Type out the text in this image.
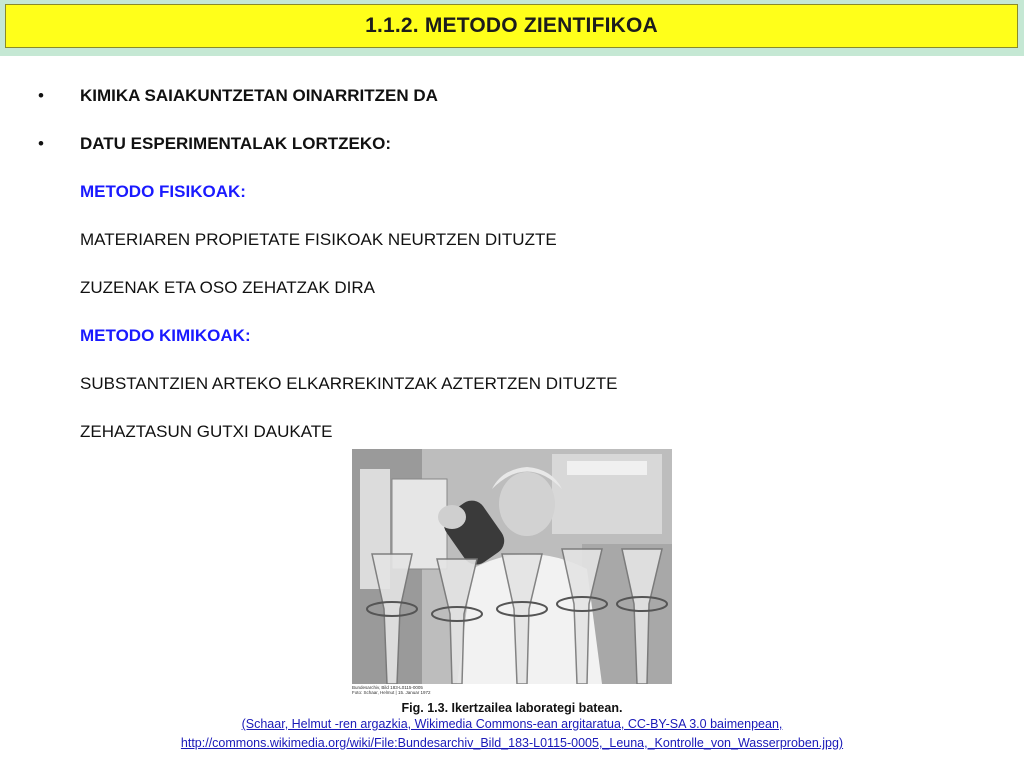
1.1.2. METODO ZIENTIFIKOA
• KIMIKA SAIAKUNTZETAN OINARRITZEN DA
• DATU ESPERIMENTALAK LORTZEKO:
METODO FISIKOAK:
MATERIAREN PROPIETATE FISIKOAK NEURTZEN DITUZTE
ZUZENAK ETA OSO ZEHATZAK DIRA
METODO KIMIKOAK:
SUBSTANTZIEN ARTEKO ELKARREKINTZAK AZTERTZEN DITUZTE
ZEHAZTASUN GUTXI DAUKATE
Bundesarchiv, Bild 183-L0115-0005
Foto: Schaar, Helmut | 15. Januar 1972
Fig. 1.3. Ikertzailea laborategi batean.
(Schaar, Helmut -ren argazkia, Wikimedia Commons-ean argitaratua, CC-BY-SA 3.0 baimenpean,
http://commons.wikimedia.org/wiki/File:Bundesarchiv_Bild_183-L0115-0005,_Leuna,_Kontrolle_von_Wasserproben.jpg)
